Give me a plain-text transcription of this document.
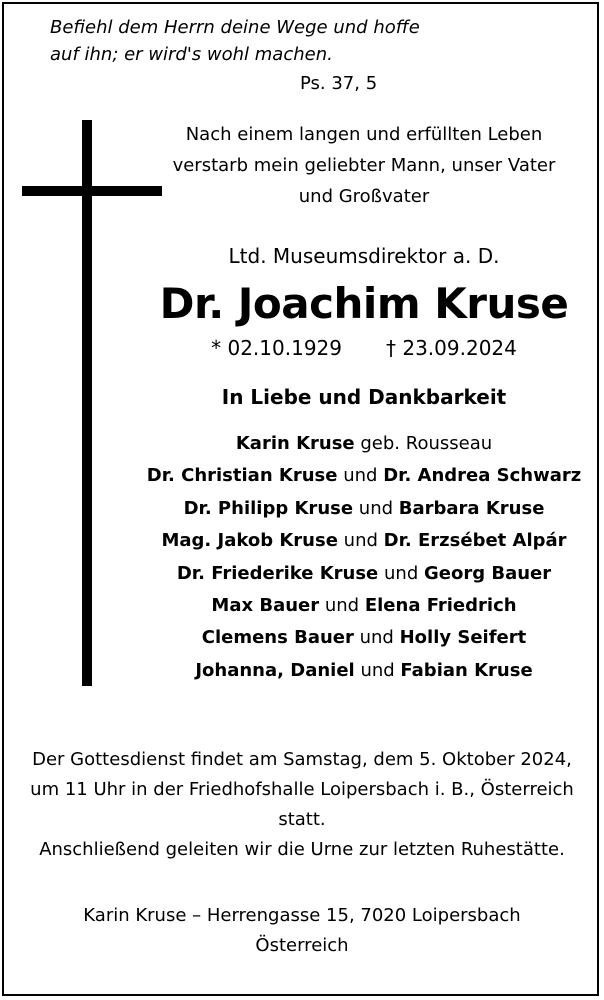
Befiehl dem Herrn deine Wege und hoffe
auf ihn; er wird's wohl machen.
Ps. 37, 5
Nach einem langen und erfüllten Leben
verstarb mein geliebter Mann, unser Vater
und Großvater
Ltd. Museumsdirektor a. D.
Dr. Joachim Kruse
* 02.10.1929 † 23.09.2024
In Liebe und Dankbarkeit
Karin Kruse geb. Rousseau
Dr. Christian Kruse und Dr. Andrea Schwarz
Dr. Philipp Kruse und Barbara Kruse
Mag. Jakob Kruse und Dr. Erzsébet Alpár
Dr. Friederike Kruse und Georg Bauer
Max Bauer und Elena Friedrich
Clemens Bauer und Holly Seifert
Johanna, Daniel und Fabian Kruse
Der Gottesdienst findet am Samstag, dem 5. Oktober 2024,
um 11 Uhr in der Friedhofshalle Loipersbach i. B., Österreich
statt.
Anschließend geleiten wir die Urne zur letzten Ruhestätte.
Karin Kruse – Herrengasse 15, 7020 Loipersbach
Österreich
